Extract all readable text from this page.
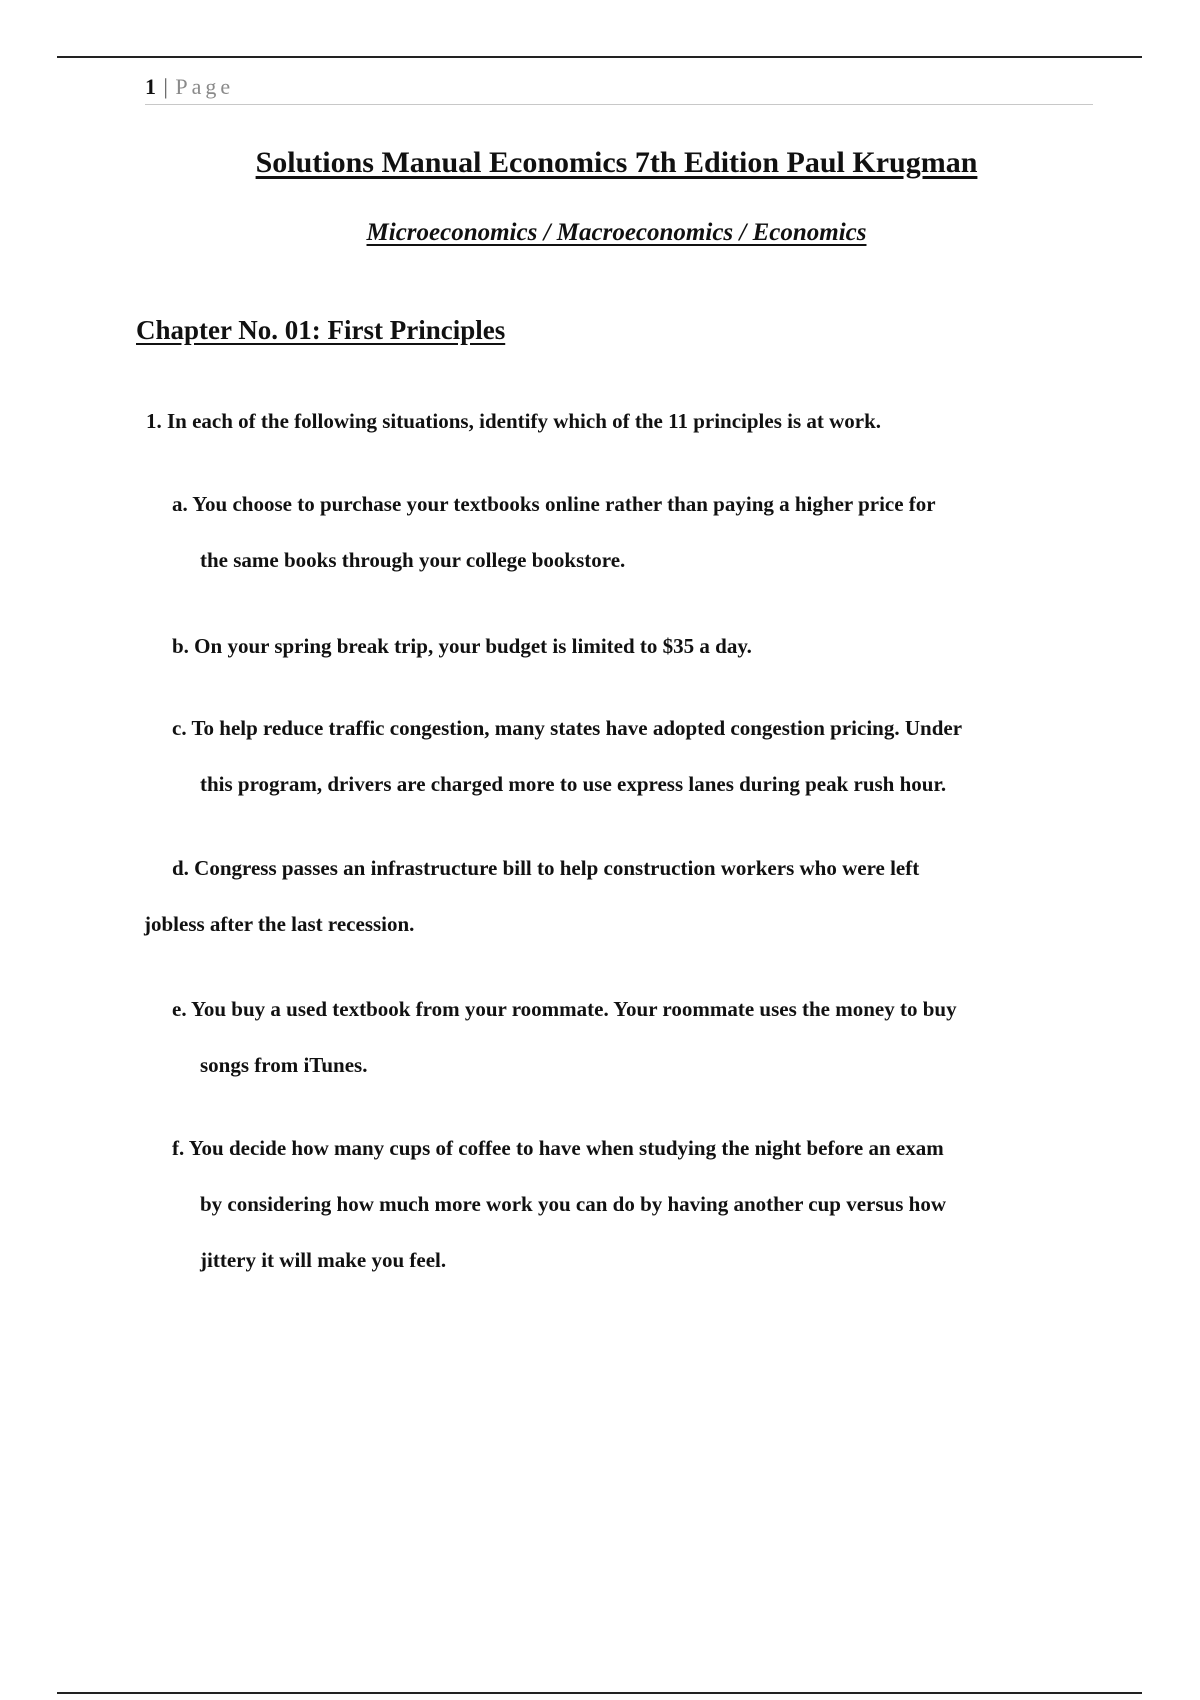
1 | Page
Solutions Manual Economics 7th Edition Paul Krugman
Microeconomics / Macroeconomics / Economics
Chapter No. 01: First Principles

1. In each of the following situations, identify which of the 11 principles is at work.

a. You choose to purchase your textbooks online rather than paying a higher price for
the same books through your college bookstore.
b. On your spring break trip, your budget is limited to $35 a day.
c. To help reduce traffic congestion, many states have adopted congestion pricing. Under
this program, drivers are charged more to use express lanes during peak rush hour.
d. Congress passes an infrastructure bill to help construction workers who were left
jobless after the last recession.
e. You buy a used textbook from your roommate. Your roommate uses the money to buy
songs from iTunes.
f. You decide how many cups of coffee to have when studying the night before an exam
by considering how much more work you can do by having another cup versus how
jittery it will make you feel.
